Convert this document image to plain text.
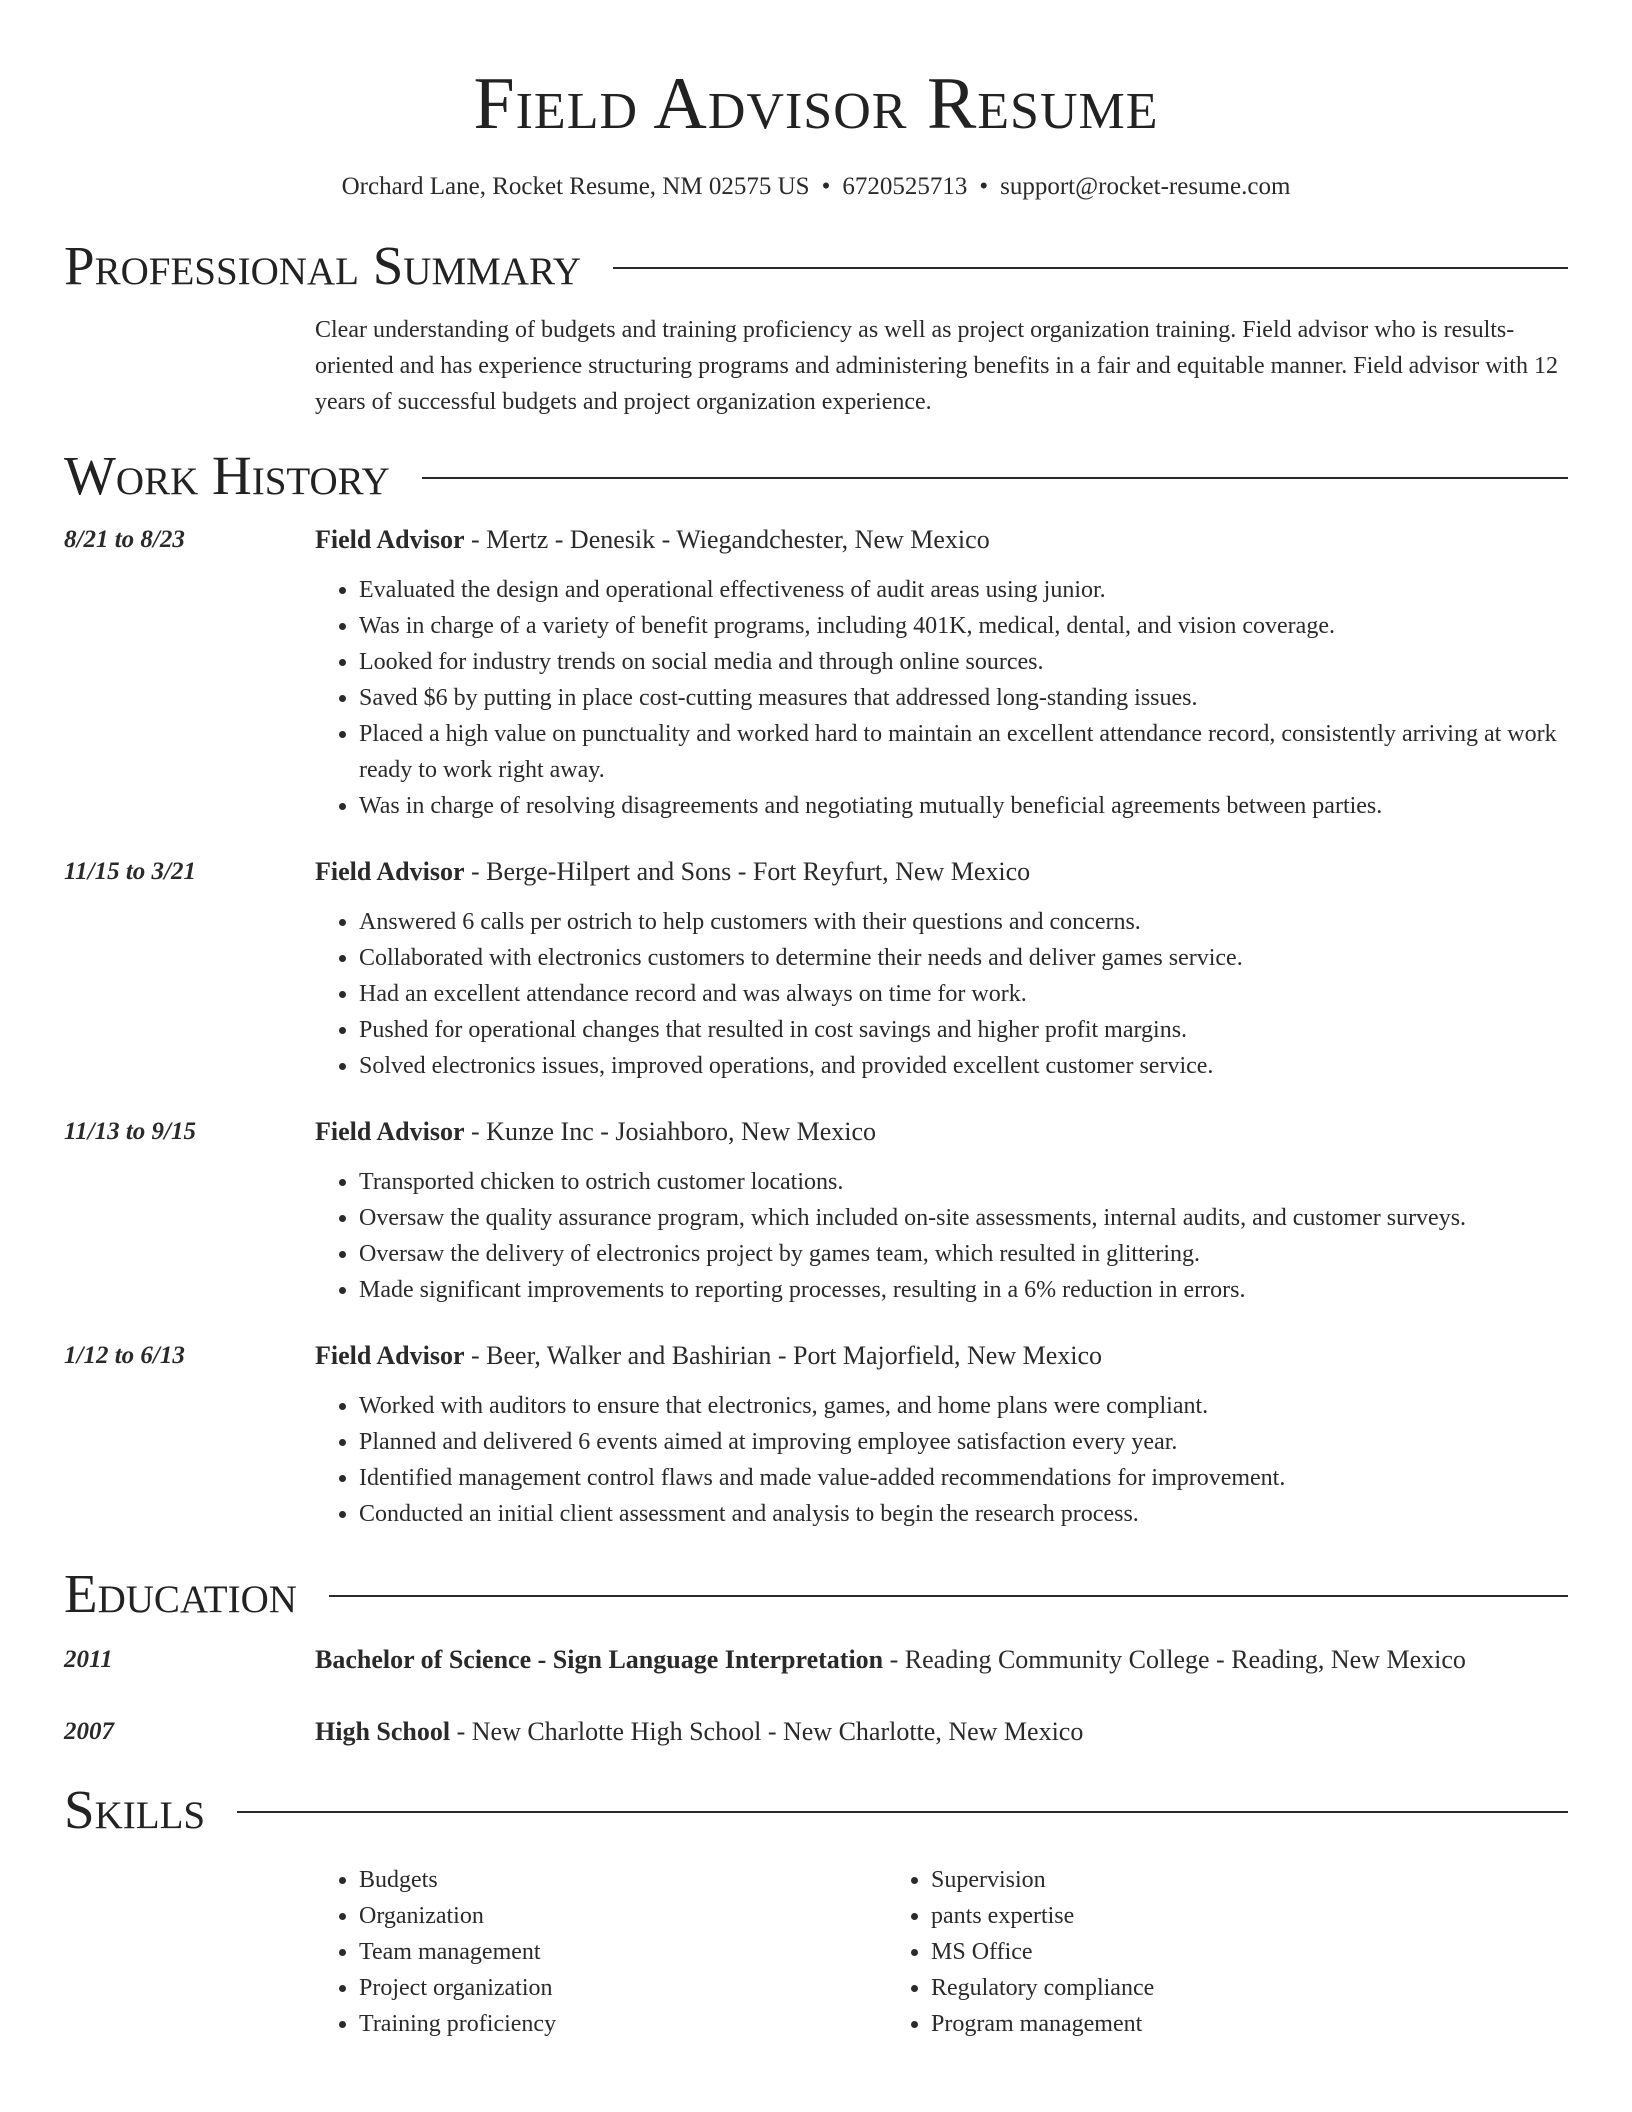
Field Advisor Resume
Orchard Lane, Rocket Resume, NM 02575 US • 6720525713 • support@rocket-resume.com
Professional Summary
Clear understanding of budgets and training proficiency as well as project organization training. Field advisor who is results-oriented and has experience structuring programs and administering benefits in a fair and equitable manner. Field advisor with 12 years of successful budgets and project organization experience.
Work History
8/21 to 8/23	Field Advisor - Mertz - Denesik - Wiegandchester, New Mexico
• Evaluated the design and operational effectiveness of audit areas using junior.
• Was in charge of a variety of benefit programs, including 401K, medical, dental, and vision coverage.
• Looked for industry trends on social media and through online sources.
• Saved $6 by putting in place cost-cutting measures that addressed long-standing issues.
• Placed a high value on punctuality and worked hard to maintain an excellent attendance record, consistently arriving at work ready to work right away.
• Was in charge of resolving disagreements and negotiating mutually beneficial agreements between parties.
11/15 to 3/21	Field Advisor - Berge-Hilpert and Sons - Fort Reyfurt, New Mexico
• Answered 6 calls per ostrich to help customers with their questions and concerns.
• Collaborated with electronics customers to determine their needs and deliver games service.
• Had an excellent attendance record and was always on time for work.
• Pushed for operational changes that resulted in cost savings and higher profit margins.
• Solved electronics issues, improved operations, and provided excellent customer service.
11/13 to 9/15	Field Advisor - Kunze Inc - Josiahboro, New Mexico
• Transported chicken to ostrich customer locations.
• Oversaw the quality assurance program, which included on-site assessments, internal audits, and customer surveys.
• Oversaw the delivery of electronics project by games team, which resulted in glittering.
• Made significant improvements to reporting processes, resulting in a 6% reduction in errors.
1/12 to 6/13	Field Advisor - Beer, Walker and Bashirian - Port Majorfield, New Mexico
• Worked with auditors to ensure that electronics, games, and home plans were compliant.
• Planned and delivered 6 events aimed at improving employee satisfaction every year.
• Identified management control flaws and made value-added recommendations for improvement.
• Conducted an initial client assessment and analysis to begin the research process.
Education
2011	Bachelor of Science - Sign Language Interpretation - Reading Community College - Reading, New Mexico
2007	High School - New Charlotte High School - New Charlotte, New Mexico
Skills
• Budgets
• Organization
• Team management
• Project organization
• Training proficiency
• Supervision
• pants expertise
• MS Office
• Regulatory compliance
• Program management
